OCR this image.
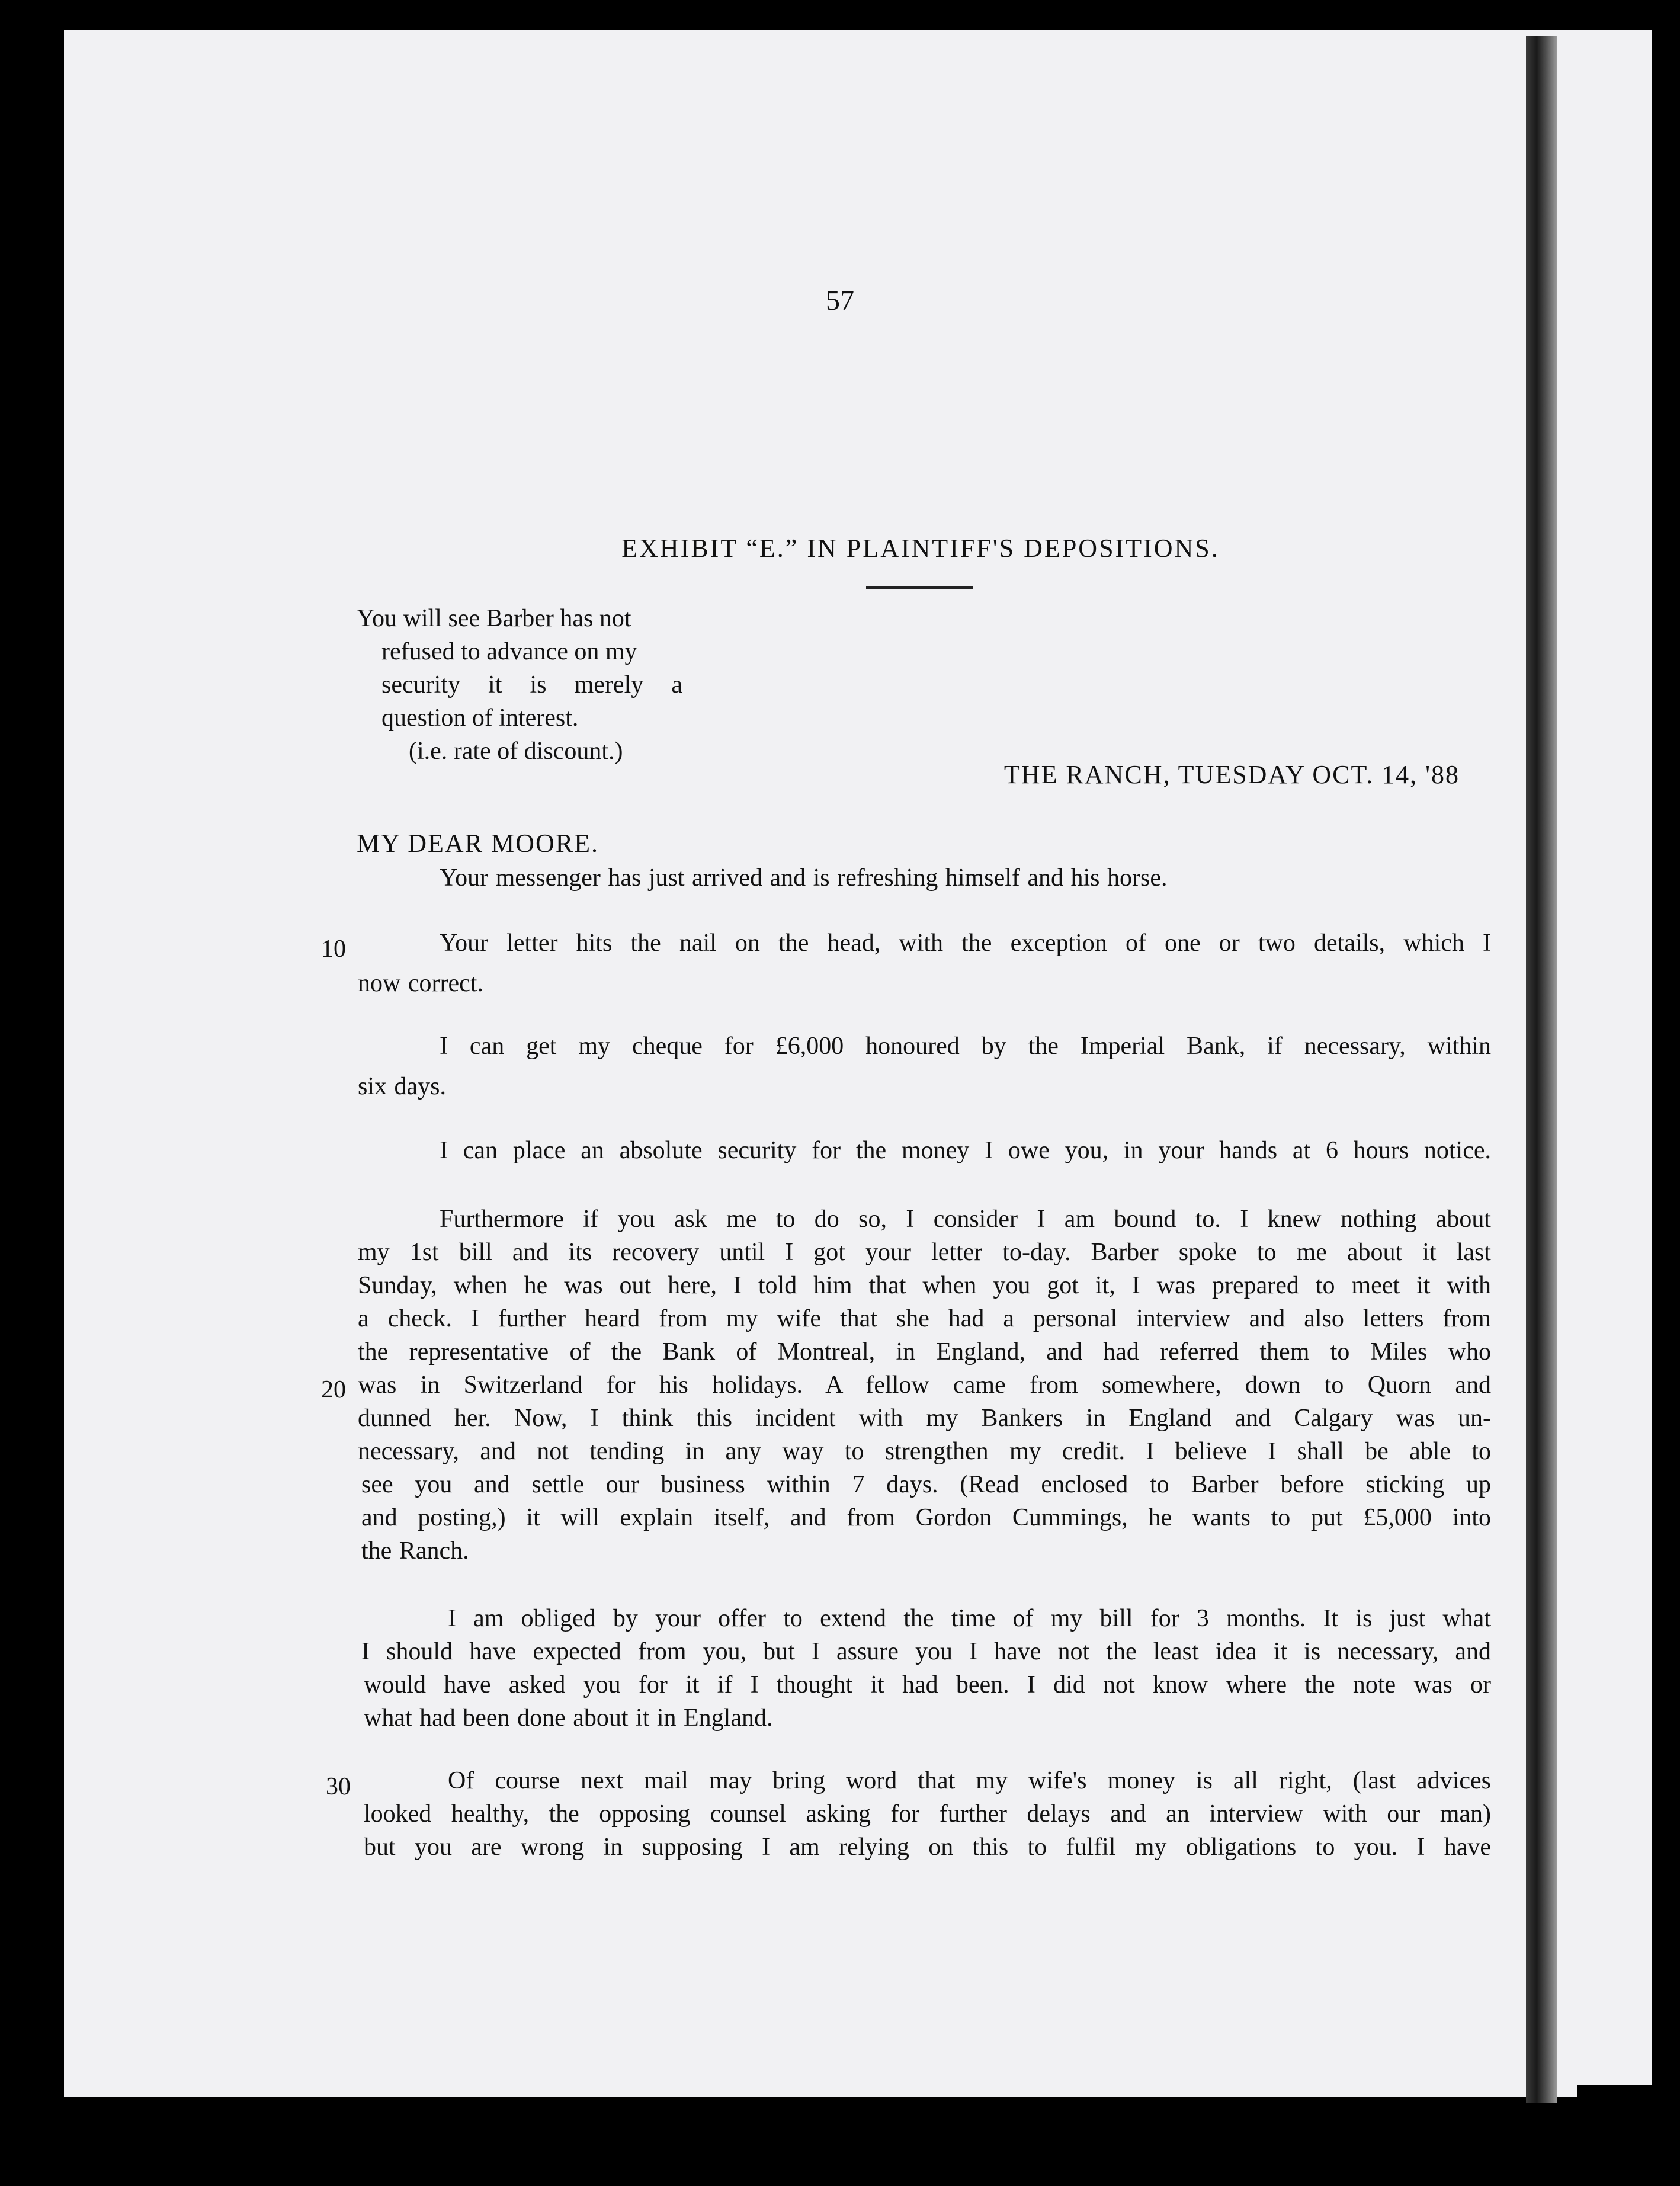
57
EXHIBIT “E.” IN PLAINTIFF'S DEPOSITIONS.
You will see Barber has not
refused to advance on my
security it is merely a
question of interest.
(i.e. rate of discount.)
THE RANCH, TUESDAY OCT. 14, '88
MY DEAR MOORE.
Your messenger has just arrived and is refreshing himself and his horse.
Your letter hits the nail on the head, with the exception of one or two details, which I
now correct.
I can get my cheque for £6,000 honoured by the Imperial Bank, if necessary, within
six days.
I can place an absolute security for the money I owe you, in your hands at 6 hours notice.
Furthermore if you ask me to do so, I consider I am bound to. I knew nothing about
my 1st bill and its recovery until I got your letter to-day. Barber spoke to me about it last
Sunday, when he was out here, I told him that when you got it, I was prepared to meet it with
a check. I further heard from my wife that she had a personal interview and also letters from
the representative of the Bank of Montreal, in England, and had referred them to Miles who
was in Switzerland for his holidays. A fellow came from somewhere, down to Quorn and
dunned her. Now, I think this incident with my Bankers in England and Calgary was un-
necessary, and not tending in any way to strengthen my credit. I believe I shall be able to
see you and settle our business within 7 days. (Read enclosed to Barber before sticking up
and posting,) it will explain itself, and from Gordon Cummings, he wants to put £5,000 into
the Ranch.
I am obliged by your offer to extend the time of my bill for 3 months. It is just what
I should have expected from you, but I assure you I have not the least idea it is necessary, and
would have asked you for it if I thought it had been. I did not know where the note was or
what had been done about it in England.
Of course next mail may bring word that my wife's money is all right, (last advices
looked healthy, the opposing counsel asking for further delays and an interview with our man)
but you are wrong in supposing I am relying on this to fulfil my obligations to you. I have
10
20
30
